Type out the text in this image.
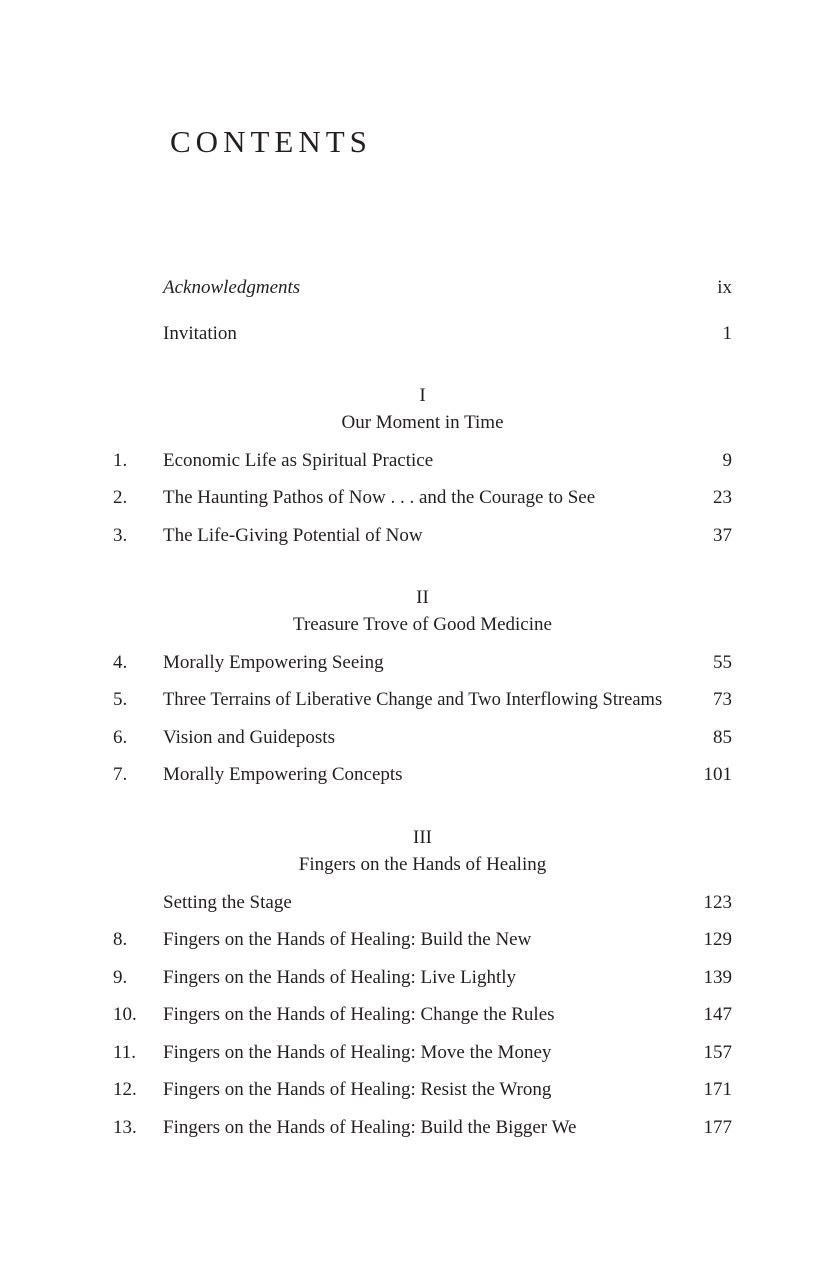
CONTENTS
Acknowledgments	ix
Invitation	1
I
Our Moment in Time
1. Economic Life as Spiritual Practice	9
2. The Haunting Pathos of Now . . . and the Courage to See	23
3. The Life-Giving Potential of Now	37
II
Treasure Trove of Good Medicine
4. Morally Empowering Seeing	55
5. Three Terrains of Liberative Change and Two Interflowing Streams	73
6. Vision and Guideposts	85
7. Morally Empowering Concepts	101
III
Fingers on the Hands of Healing
Setting the Stage	123
8. Fingers on the Hands of Healing: Build the New	129
9. Fingers on the Hands of Healing: Live Lightly	139
10. Fingers on the Hands of Healing: Change the Rules	147
11. Fingers on the Hands of Healing: Move the Money	157
12. Fingers on the Hands of Healing: Resist the Wrong	171
13. Fingers on the Hands of Healing: Build the Bigger We	177
